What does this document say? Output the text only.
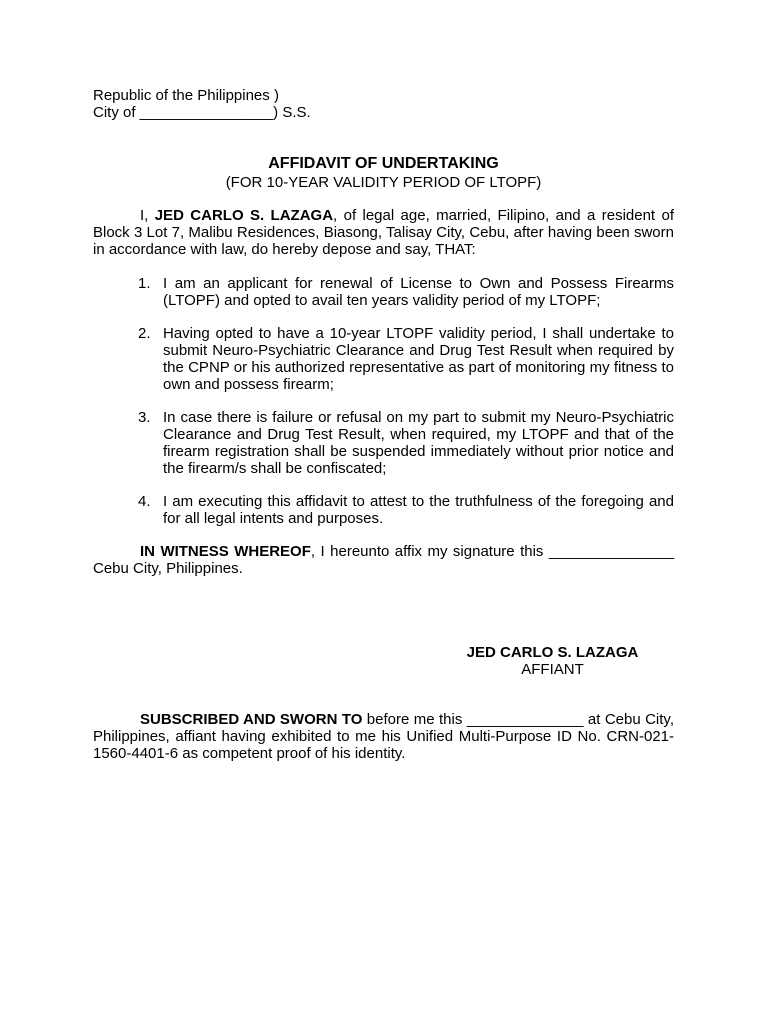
Republic of the Philippines )
City of ________________) S.S.
AFFIDAVIT OF UNDERTAKING
(FOR 10-YEAR VALIDITY PERIOD OF LTOPF)
I, JED CARLO S. LAZAGA, of legal age, married, Filipino, and a resident of Block 3 Lot 7, Malibu Residences, Biasong, Talisay City, Cebu, after having been sworn in accordance with law, do hereby depose and say, THAT:
1. I am an applicant for renewal of License to Own and Possess Firearms (LTOPF) and opted to avail ten years validity period of my LTOPF;
2. Having opted to have a 10-year LTOPF validity period, I shall undertake to submit Neuro-Psychiatric Clearance and Drug Test Result when required by the CPNP or his authorized representative as part of monitoring my fitness to own and possess firearm;
3. In case there is failure or refusal on my part to submit my Neuro-Psychiatric Clearance and Drug Test Result, when required, my LTOPF and that of the firearm registration shall be suspended immediately without prior notice and the firearm/s shall be confiscated;
4. I am executing this affidavit to attest to the truthfulness of the foregoing and for all legal intents and purposes.
IN WITNESS WHEREOF, I hereunto affix my signature this _______________ Cebu City, Philippines.
JED CARLO S. LAZAGA
AFFIANT
SUBSCRIBED AND SWORN TO before me this ______________ at Cebu City, Philippines, affiant having exhibited to me his Unified Multi-Purpose ID No. CRN-021-1560-4401-6 as competent proof of his identity.
